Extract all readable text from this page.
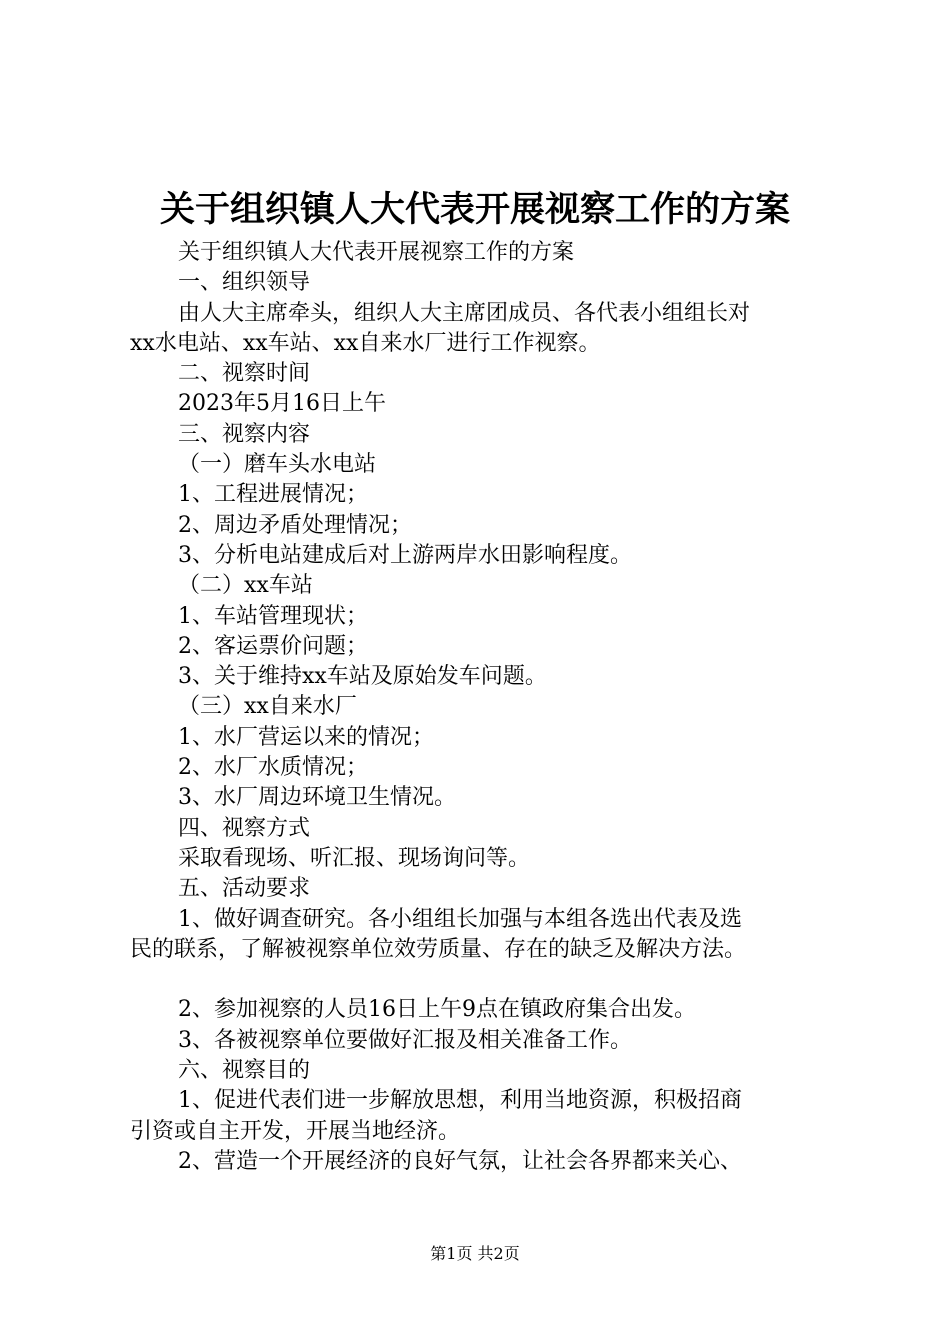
关于组织镇人大代表开展视察工作的方案
关于组织镇人大代表开展视察工作的方案
一、组织领导
由人大主席牵头，组织人大主席团成员、各代表小组组长对
xx水电站、xx车站、xx自来水厂进行工作视察。
二、视察时间
2023年5月16日上午
三、视察内容
（一）磨车头水电站
1、工程进展情况；
2、周边矛盾处理情况；
3、分析电站建成后对上游两岸水田影响程度。
（二）xx车站
1、车站管理现状；
2、客运票价问题；
3、关于维持xx车站及原始发车问题。
（三）xx自来水厂
1、水厂营运以来的情况；
2、水厂水质情况；
3、水厂周边环境卫生情况。
四、视察方式
采取看现场、听汇报、现场询问等。
五、活动要求
1、做好调查研究。各小组组长加强与本组各选出代表及选
民的联系，了解被视察单位效劳质量、存在的缺乏及解决方法。
2、参加视察的人员16日上午9点在镇政府集合出发。
3、各被视察单位要做好汇报及相关准备工作。
六、视察目的
1、促进代表们进一步解放思想，利用当地资源，积极招商
引资或自主开发，开展当地经济。
2、营造一个开展经济的良好气氛，让社会各界都来关心、
第1页 共2页
